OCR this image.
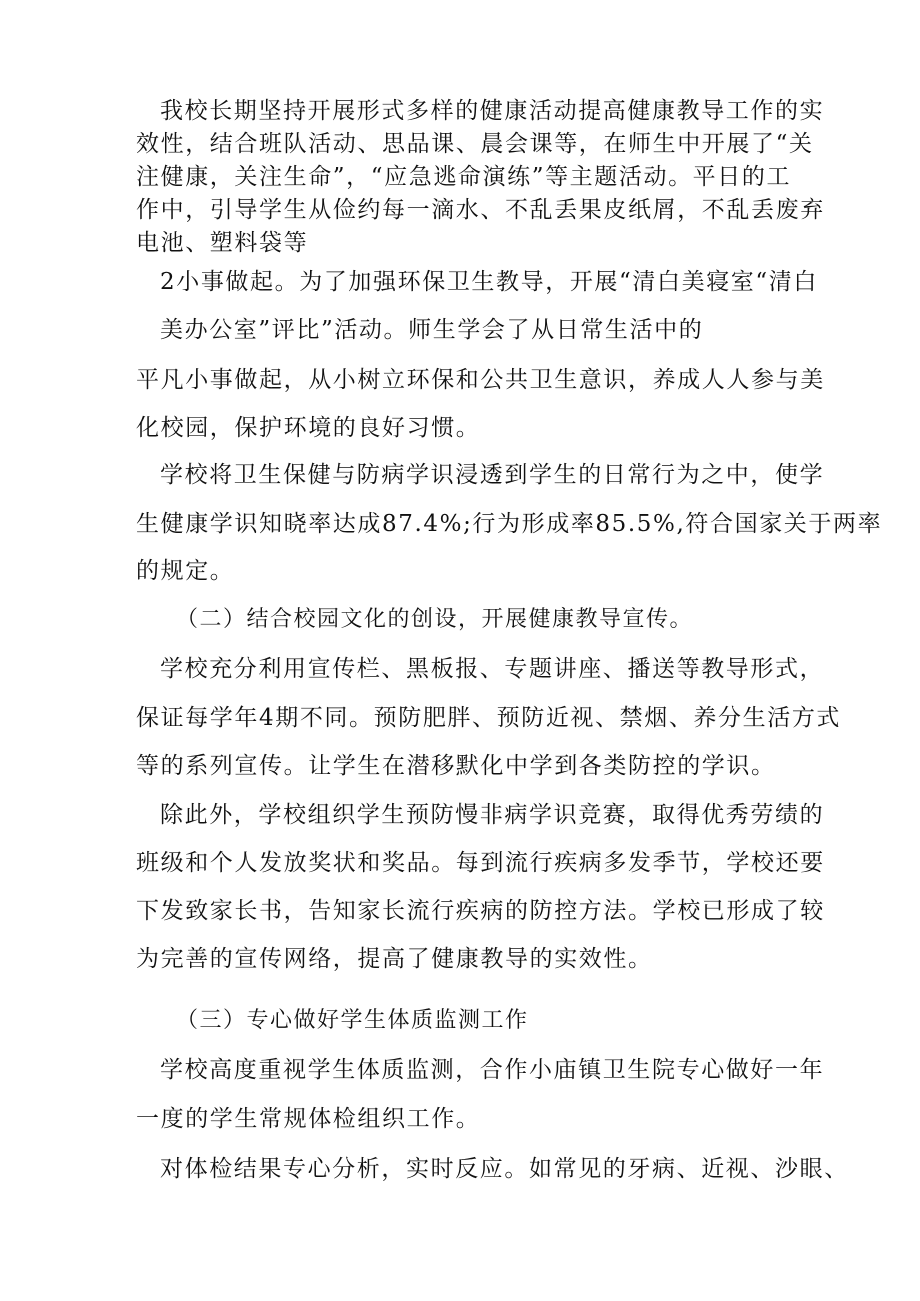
我校长期坚持开展形式多样的健康活动提高健康教导工作的实

效性，结合班队活动、思品课、晨会课等，在师生中开展了“关

注健康，关注生命”，“应急逃命演练”等主题活动。平日的工

作中，引导学生从俭约每一滴水、不乱丢果皮纸屑，不乱丢废弃

电池、塑料袋等

2小事做起。为了加强环保卫生教导，开展“清白美寝室“清白

美办公室”评比”活动。师生学会了从日常生活中的

平凡小事做起，从小树立环保和公共卫生意识，养成人人参与美

化校园，保护环境的良好习惯。

学校将卫生保健与防病学识浸透到学生的日常行为之中，使学

生健康学识知晓率达成87.4%;行为形成率85.5%,符合国家关于两率

的规定。

（二）结合校园文化的创设，开展健康教导宣传。

学校充分利用宣传栏、黑板报、专题讲座、播送等教导形式，

保证每学年4期不同。预防肥胖、预防近视、禁烟、养分生活方式

等的系列宣传。让学生在潜移默化中学到各类防控的学识。

除此外，学校组织学生预防慢非病学识竞赛，取得优秀劳绩的

班级和个人发放奖状和奖品。每到流行疾病多发季节，学校还要

下发致家长书，告知家长流行疾病的防控方法。学校已形成了较

为完善的宣传网络，提高了健康教导的实效性。

（三）专心做好学生体质监测工作

学校高度重视学生体质监测，合作小庙镇卫生院专心做好一年

一度的学生常规体检组织工作。

对体检结果专心分析，实时反应。如常见的牙病、近视、沙眼、
